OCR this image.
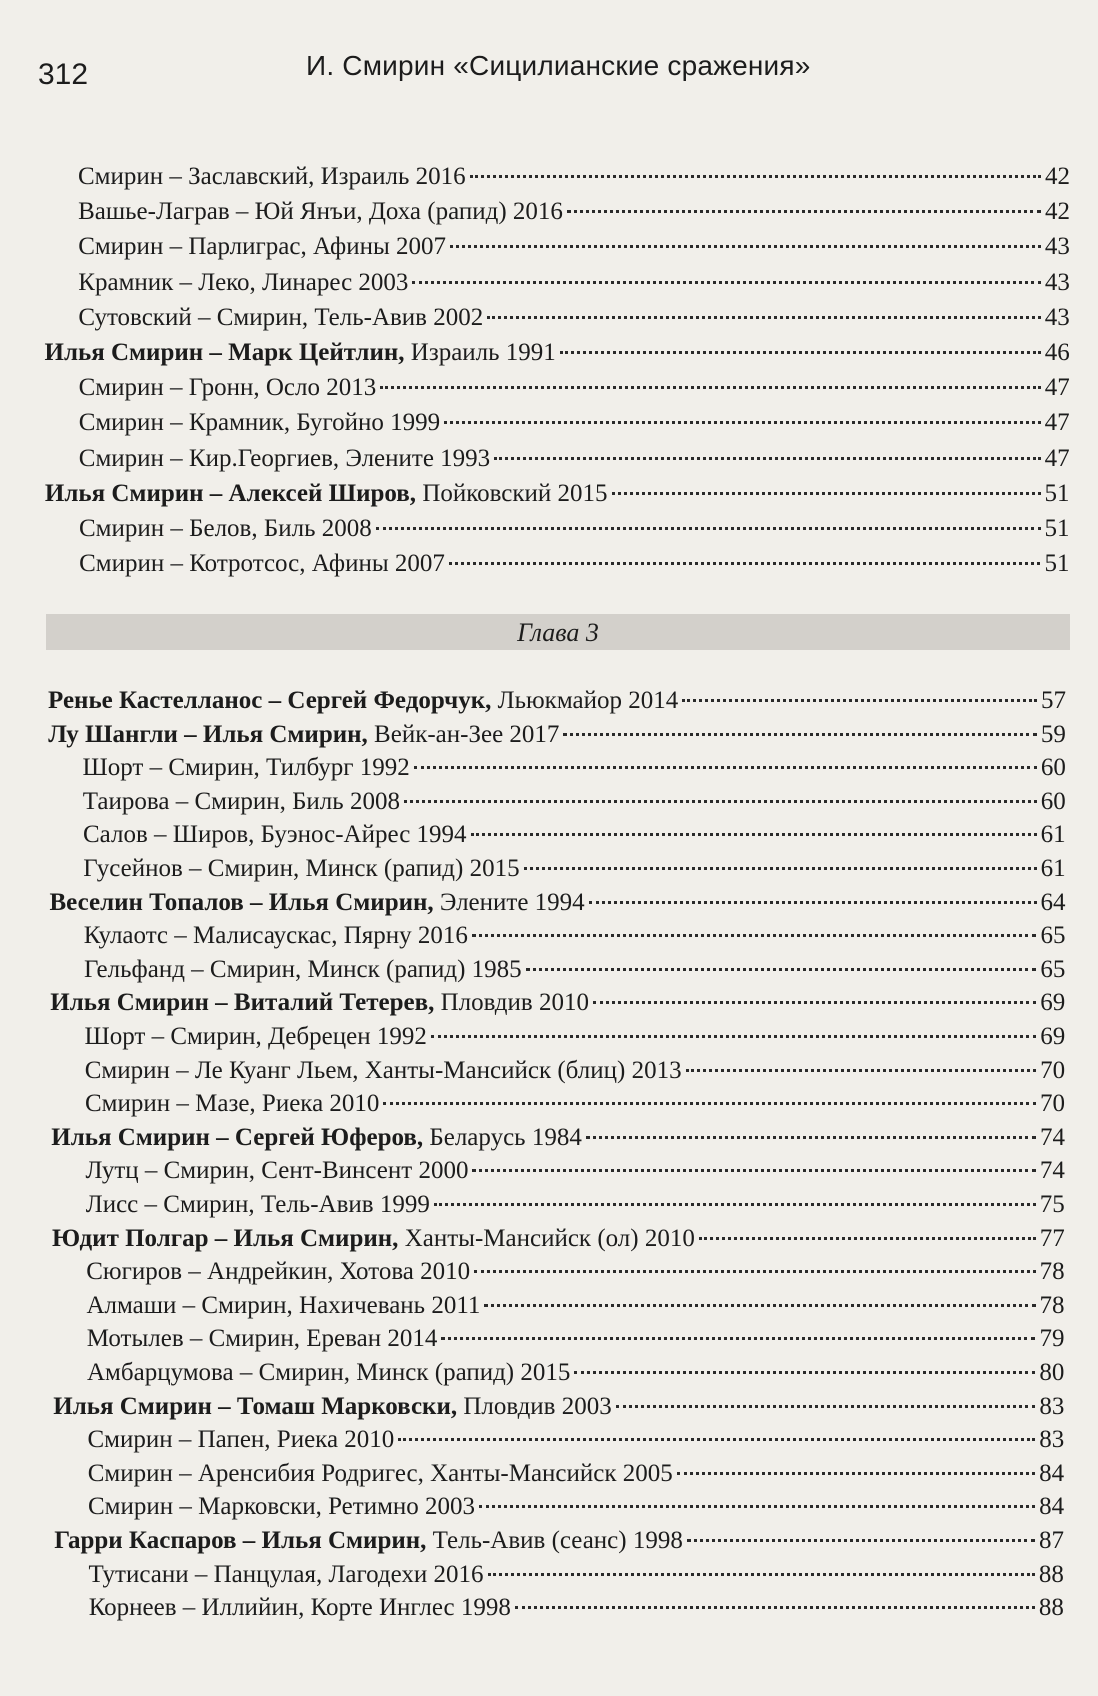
312	И. Смирин «Сицилианские сражения»
Смирин – Заславский, Израиль 2016	42
Вашье-Лаграв – Юй Янъи, Доха (рапид) 2016	42
Смирин – Парлиграс, Афины 2007	43
Крамник – Леко, Линарес 2003	43
Сутовский – Смирин, Тель-Авив 2002	43
Илья Смирин – Марк Цейтлин, Израиль 1991	46
Смирин – Гронн, Осло 2013	47
Смирин – Крамник, Бугойно 1999	47
Смирин – Кир.Георгиев, Элените 1993	47
Илья Смирин – Алексей Широв, Пойковский 2015	51
Смирин – Белов, Биль 2008	51
Смирин – Котротсос, Афины 2007	51
Глава 3
Ренье Кастелланос – Сергей Федорчук, Льюкмайор 2014	57
Лу Шангли – Илья Смирин, Вейк-ан-Зее 2017	59
Шорт – Смирин, Тилбург 1992	60
Таирова – Смирин, Биль 2008	60
Салов – Широв, Буэнос-Айрес 1994	61
Гусейнов – Смирин, Минск (рапид) 2015	61
Веселин Топалов – Илья Смирин, Элените 1994	64
Кулаотс – Малисаускас, Пярну 2016	65
Гельфанд – Смирин, Минск (рапид) 1985	65
Илья Смирин – Виталий Тетерев, Пловдив 2010	69
Шорт – Смирин, Дебрецен 1992	69
Смирин – Ле Куанг Льем, Ханты-Мансийск (блиц) 2013	70
Смирин – Мазе, Риека 2010	70
Илья Смирин – Сергей Юферов, Беларусь 1984	74
Лутц – Смирин, Сент-Винсент 2000	74
Лисс – Смирин, Тель-Авив 1999	75
Юдит Полгар – Илья Смирин, Ханты-Мансийск (ол) 2010	77
Сюгиров – Андрейкин, Хотова 2010	78
Алмаши – Смирин, Нахичевань 2011	78
Мотылев – Смирин, Ереван 2014	79
Амбарцумова – Смирин, Минск (рапид) 2015	80
Илья Смирин – Томаш Марковски, Пловдив 2003	83
Смирин – Папен, Риека 2010	83
Смирин – Аренсибия Родригес, Ханты-Мансийск 2005	84
Смирин – Марковски, Ретимно 2003	84
Гарри Каспаров – Илья Смирин, Тель-Авив (сеанс) 1998	87
Тутисани – Панцулая, Лагодехи 2016	88
Корнеев – Иллийин, Корте Инглес 1998	88
